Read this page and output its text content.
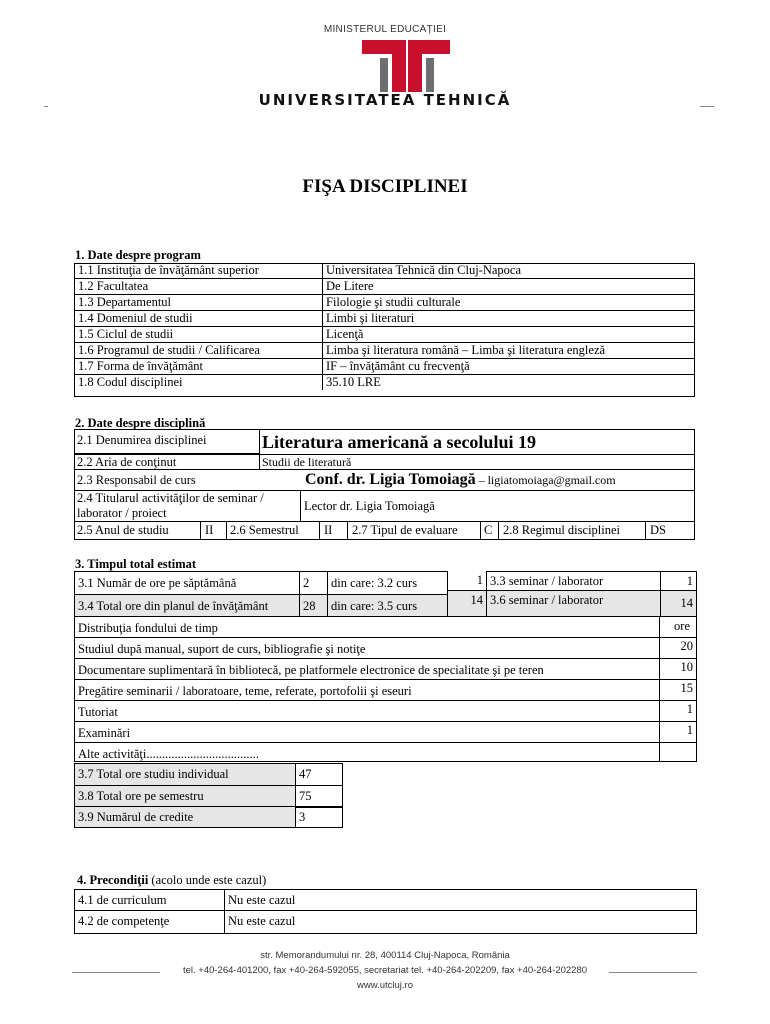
MINISTERUL EDUCAȚIEI
UNIVERSITATEA TEHNICĂ
FIŞA DISCIPLINEI
1. Date despre program
1.1 Instituţia de învăţământ superior	Universitatea Tehnică din Cluj-Napoca
1.2 Facultatea	De Litere
1.3 Departamentul	Filologie şi studii culturale
1.4 Domeniul de studii	Limbi şi literaturi
1.5 Ciclul de studii	Licenţă
1.6 Programul de studii / Calificarea	Limba şi literatura română – Limba şi literatura engleză
1.7 Forma de învăţământ	IF – învăţământ cu frecvenţă
1.8 Codul disciplinei	35.10 LRE
2. Date despre disciplină
2.1 Denumirea disciplinei	Literatura americană a secolului 19
2.2 Aria de conţinut	Studii de literatură
2.3 Responsabil de curs	Conf. dr. Ligia Tomoiagă – ligiatomoiaga@gmail.com
2.4 Titularul activităţilor de seminar /
laborator / proiect	Lector dr. Ligia Tomoiagă
2.5 Anul de studiu	II 2.6 Semestrul II 2.7 Tipul de evaluare C 2.8 Regimul disciplinei DS
3. Timpul total estimat
3.1 Număr de ore pe săptămână	2	din care: 3.2 curs	1 3.3 seminar / laborator	1
3.4 Total ore din planul de învăţământ	28	din care: 3.5 curs	14 3.6 seminar / laborator	14
Distribuţia fondului de timp	ore
Studiul după manual, suport de curs, bibliografie şi notiţe	20
Documentare suplimentară în bibliotecă, pe platformele electronice de specialitate şi pe teren	10
Pregătire seminarii / laboratoare, teme, referate, portofolii şi eseuri	15
Tutoriat	1
Examinări	1
Alte activităţi....................................
3.7 Total ore studiu individual	47
3.8 Total ore pe semestru	75
3.9 Numărul de credite	3
4. Precondiţii (acolo unde este cazul)
4.1 de curriculum	Nu este cazul
4.2 de competenţe	Nu este cazul
str. Memorandumului nr. 28, 400114 Cluj-Napoca, România
tel. +40-264-401200, fax +40-264-592055, secretariat tel. +40-264-202209, fax +40-264-202280
www.utcluj.ro
